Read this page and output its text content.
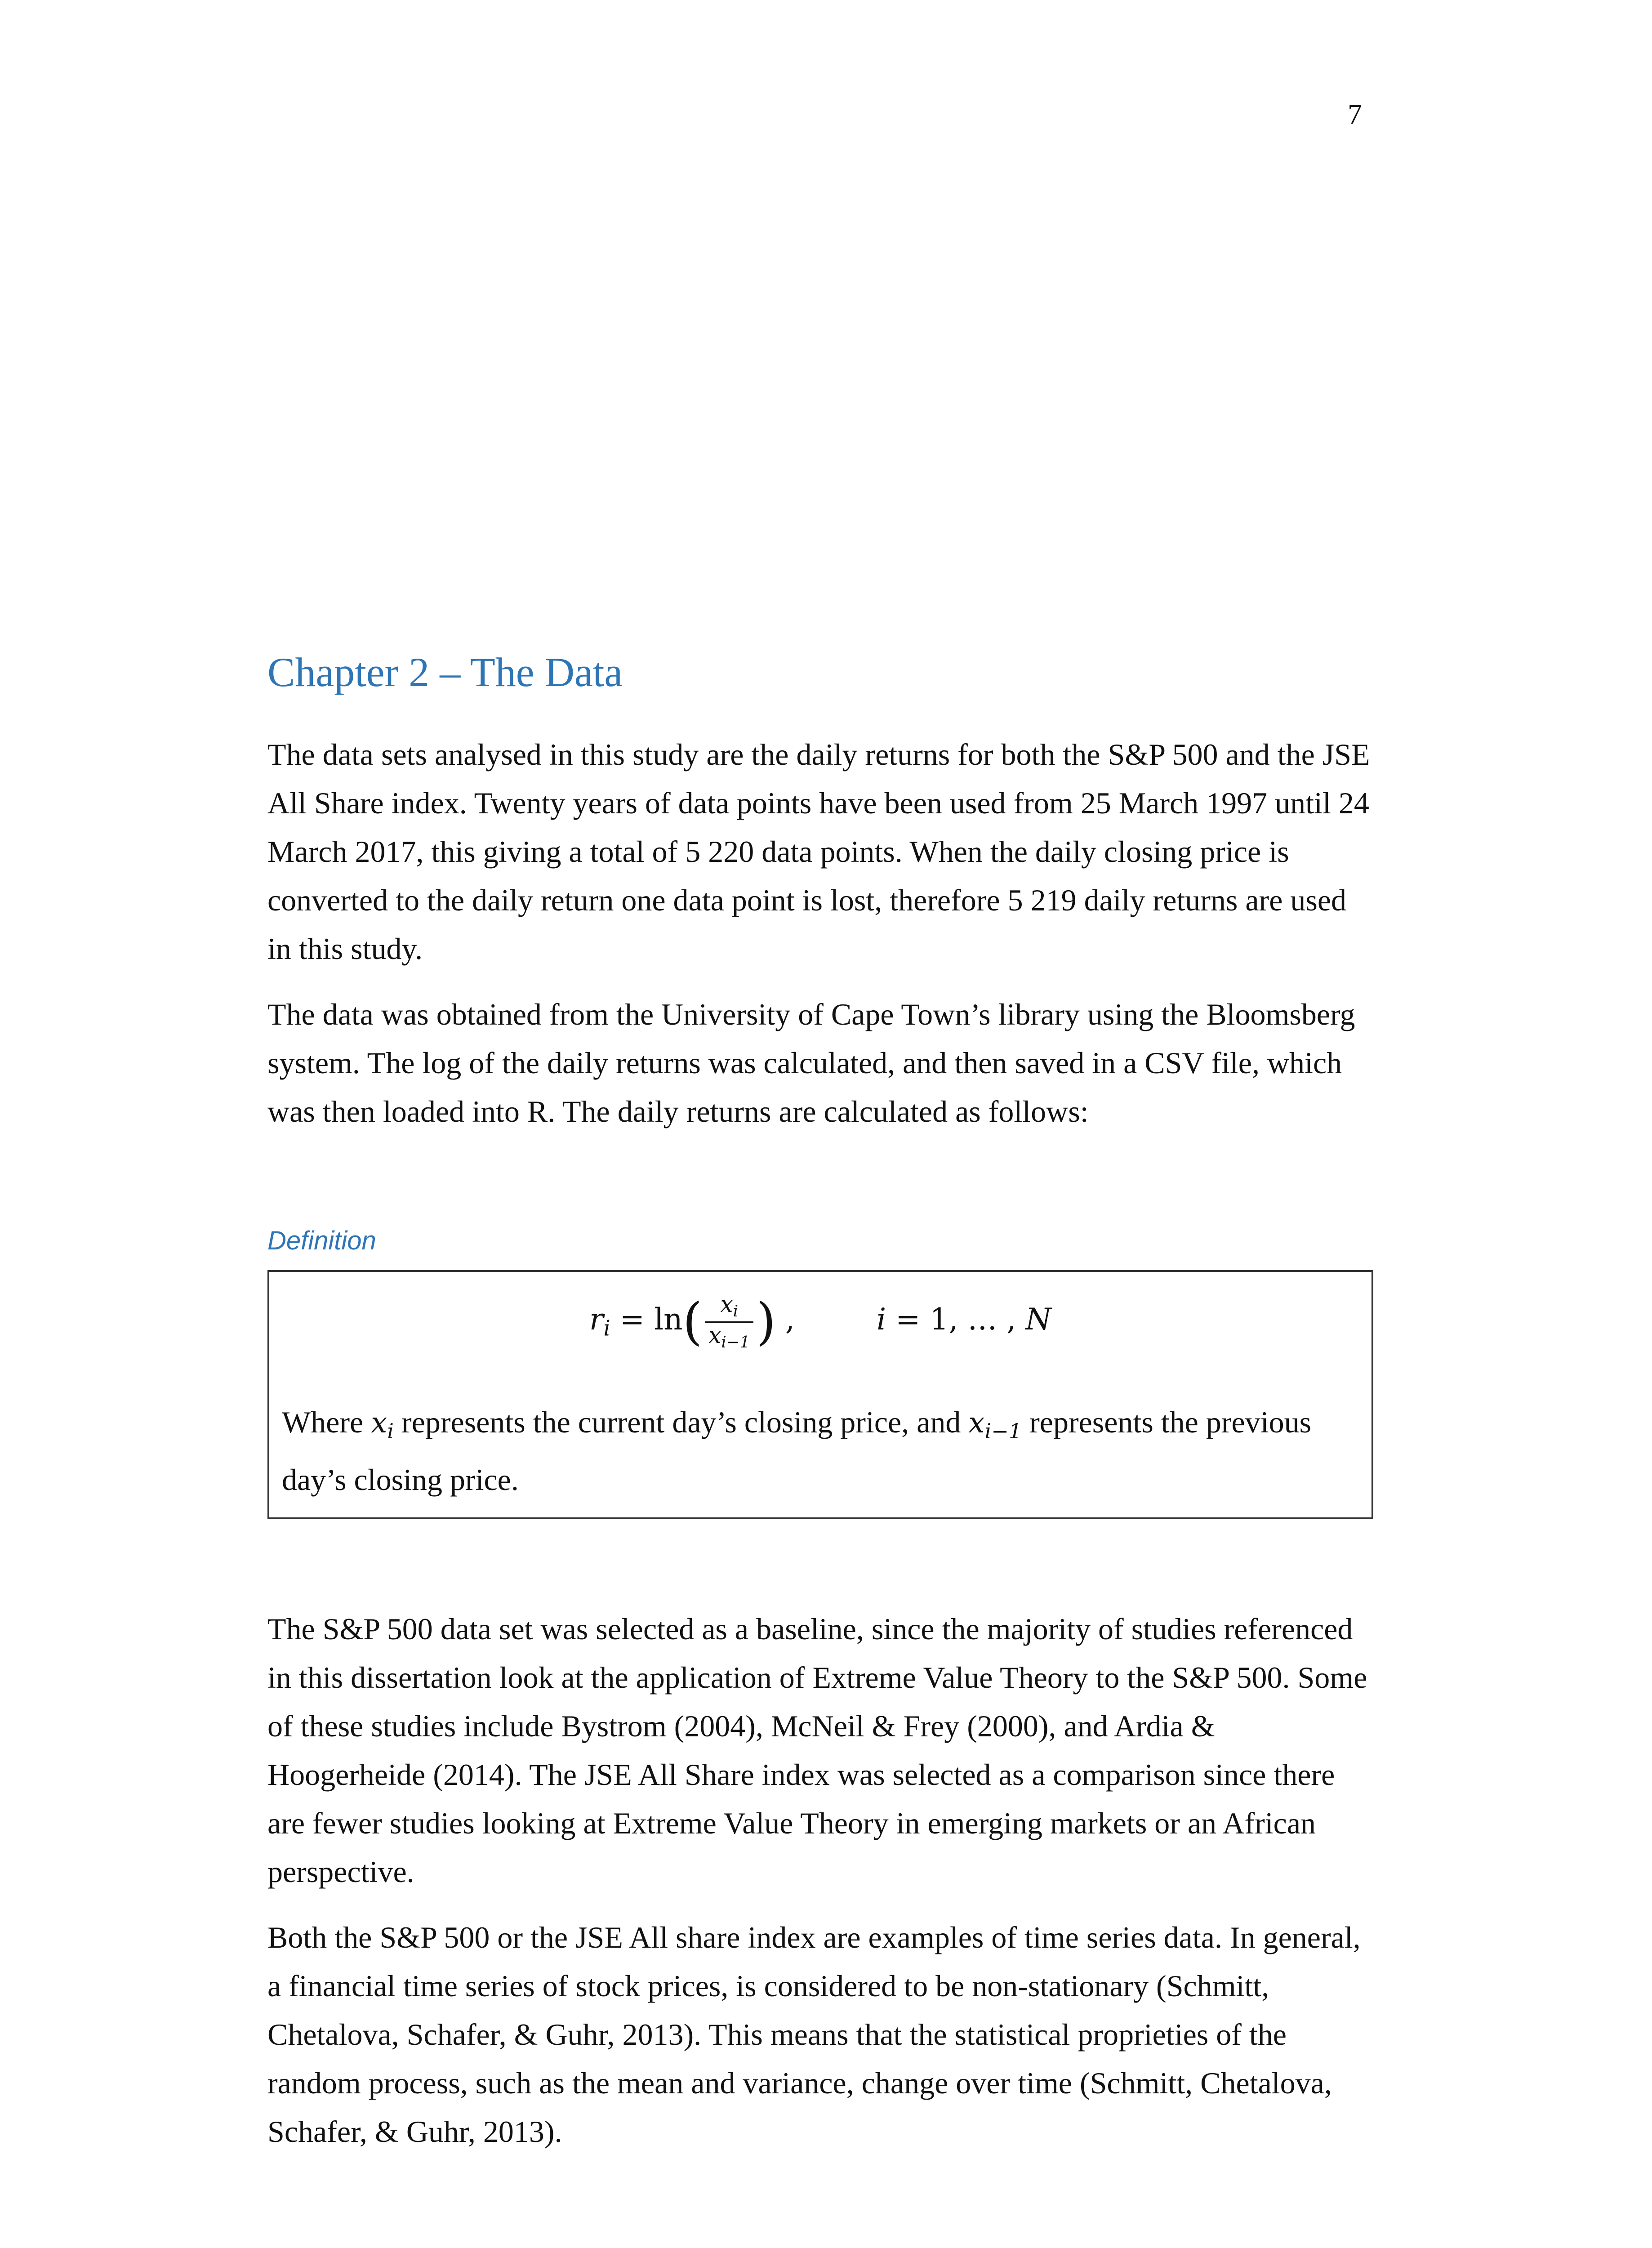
7
Chapter 2 – The Data

The data sets analysed in this study are the daily returns for both the S&P 500 and the JSE All Share index. Twenty years of data points have been used from 25 March 1997 until 24 March 2017, this giving a total of 5 220 data points. When the daily closing price is converted to the daily return one data point is lost, therefore 5 219 daily returns are used in this study.

The data was obtained from the University of Cape Town’s library using the Bloomsberg system. The log of the daily returns was calculated, and then saved in a CSV file, which was then loaded into R. The daily returns are calculated as follows:

Definition
$r_i = \ln( \frac{x_i}{x_{i-1}}$ ) ,	i = 1, … , N

Where $x_i$ represents the current day’s closing price, and $x_{i-1}$ represents the previous day’s closing price.

The S&P 500 data set was selected as a baseline, since the majority of studies referenced in this dissertation look at the application of Extreme Value Theory to the S&P 500. Some of these studies include Bystrom (2004), McNeil & Frey (2000), and Ardia & Hoogerheide (2014). The JSE All Share index was selected as a comparison since there are fewer studies looking at Extreme Value Theory in emerging markets or an African perspective.

Both the S&P 500 or the JSE All share index are examples of time series data. In general, a financial time series of stock prices, is considered to be non-stationary (Schmitt, Chetalova, Schafer, & Guhr, 2013). This means that the statistical proprieties of the random process, such as the mean and variance, change over time (Schmitt, Chetalova, Schafer, & Guhr, 2013).
